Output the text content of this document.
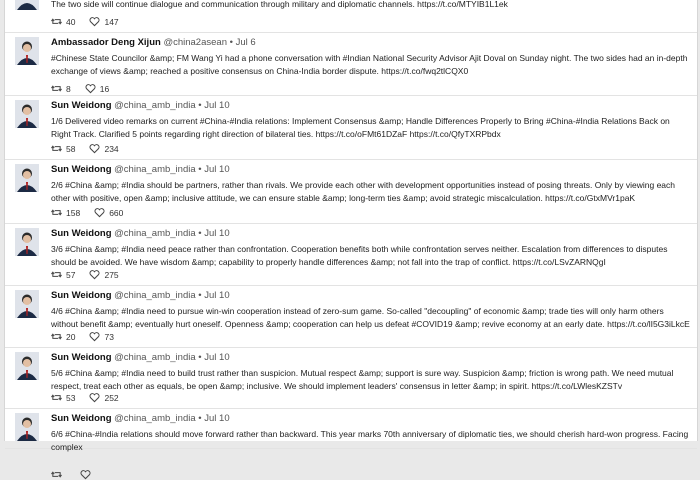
The two side will continue dialogue and communication through military and diplomatic channels. https://t.co/MTYIB1L1ek
40	147
Ambassador Deng Xijun @china2asean • Jul 6
#Chinese State Councilor &amp; FM Wang Yi had a phone conversation with #Indian National Security Advisor Ajit Doval on Sunday night. The two sides had an in-depth exchange of views &amp; reached a positive consensus on China-India border dispute. https://t.co/fwq2tlCQX0
8	16
Sun Weidong @china_amb_india • Jul 10
1/6 Delivered video remarks on current #China-#India relations: Implement Consensus &amp; Handle Differences Properly to Bring #China-#India Relations Back on Right Track. Clarified 5 points regarding right direction of bilateral ties. https://t.co/oFMt61DZaF https://t.co/QfyTXRPbdx
58	234
Sun Weidong @china_amb_india • Jul 10
2/6 #China &amp; #India should be partners, rather than rivals. We provide each other with development opportunities instead of posing threats. Only by viewing each other with positive, open &amp; inclusive attitude, we can ensure stable &amp; long-term ties &amp; avoid strategic miscalculation. https://t.co/GtxMVr1paK
158	660
Sun Weidong @china_amb_india • Jul 10
3/6 #China &amp; #India need peace rather than confrontation. Cooperation benefits both while confrontation serves neither. Escalation from differences to disputes should be avoided. We have wisdom &amp; capability to properly handle differences &amp; not fall into the trap of conflict. https://t.co/LSvZARNQgI
57	275
Sun Weidong @china_amb_india • Jul 10
4/6 #China &amp; #India need to pursue win-win cooperation instead of zero-sum game. So-called "decoupling" of economic &amp; trade ties will only harm others without benefit &amp; eventually hurt oneself. Openness &amp; cooperation can help us defeat #COVID19 &amp; revive economy at an early date. https://t.co/lI5G3iLkcE
20	73
Sun Weidong @china_amb_india • Jul 10
5/6 #China &amp; #India need to build trust rather than suspicion. Mutual respect &amp; support is sure way. Suspicion &amp; friction is wrong path. We need mutual respect, treat each other as equals, be open &amp; inclusive. We should implement leaders' consensus in letter &amp; in spirit. https://t.co/LWlesKZSTv
53	252
Sun Weidong @china_amb_india • Jul 10
6/6 #China-#India relations should move forward rather than backward. This year marks 70th anniversary of diplomatic ties, we should cherish hard-won progress. Facing complex
